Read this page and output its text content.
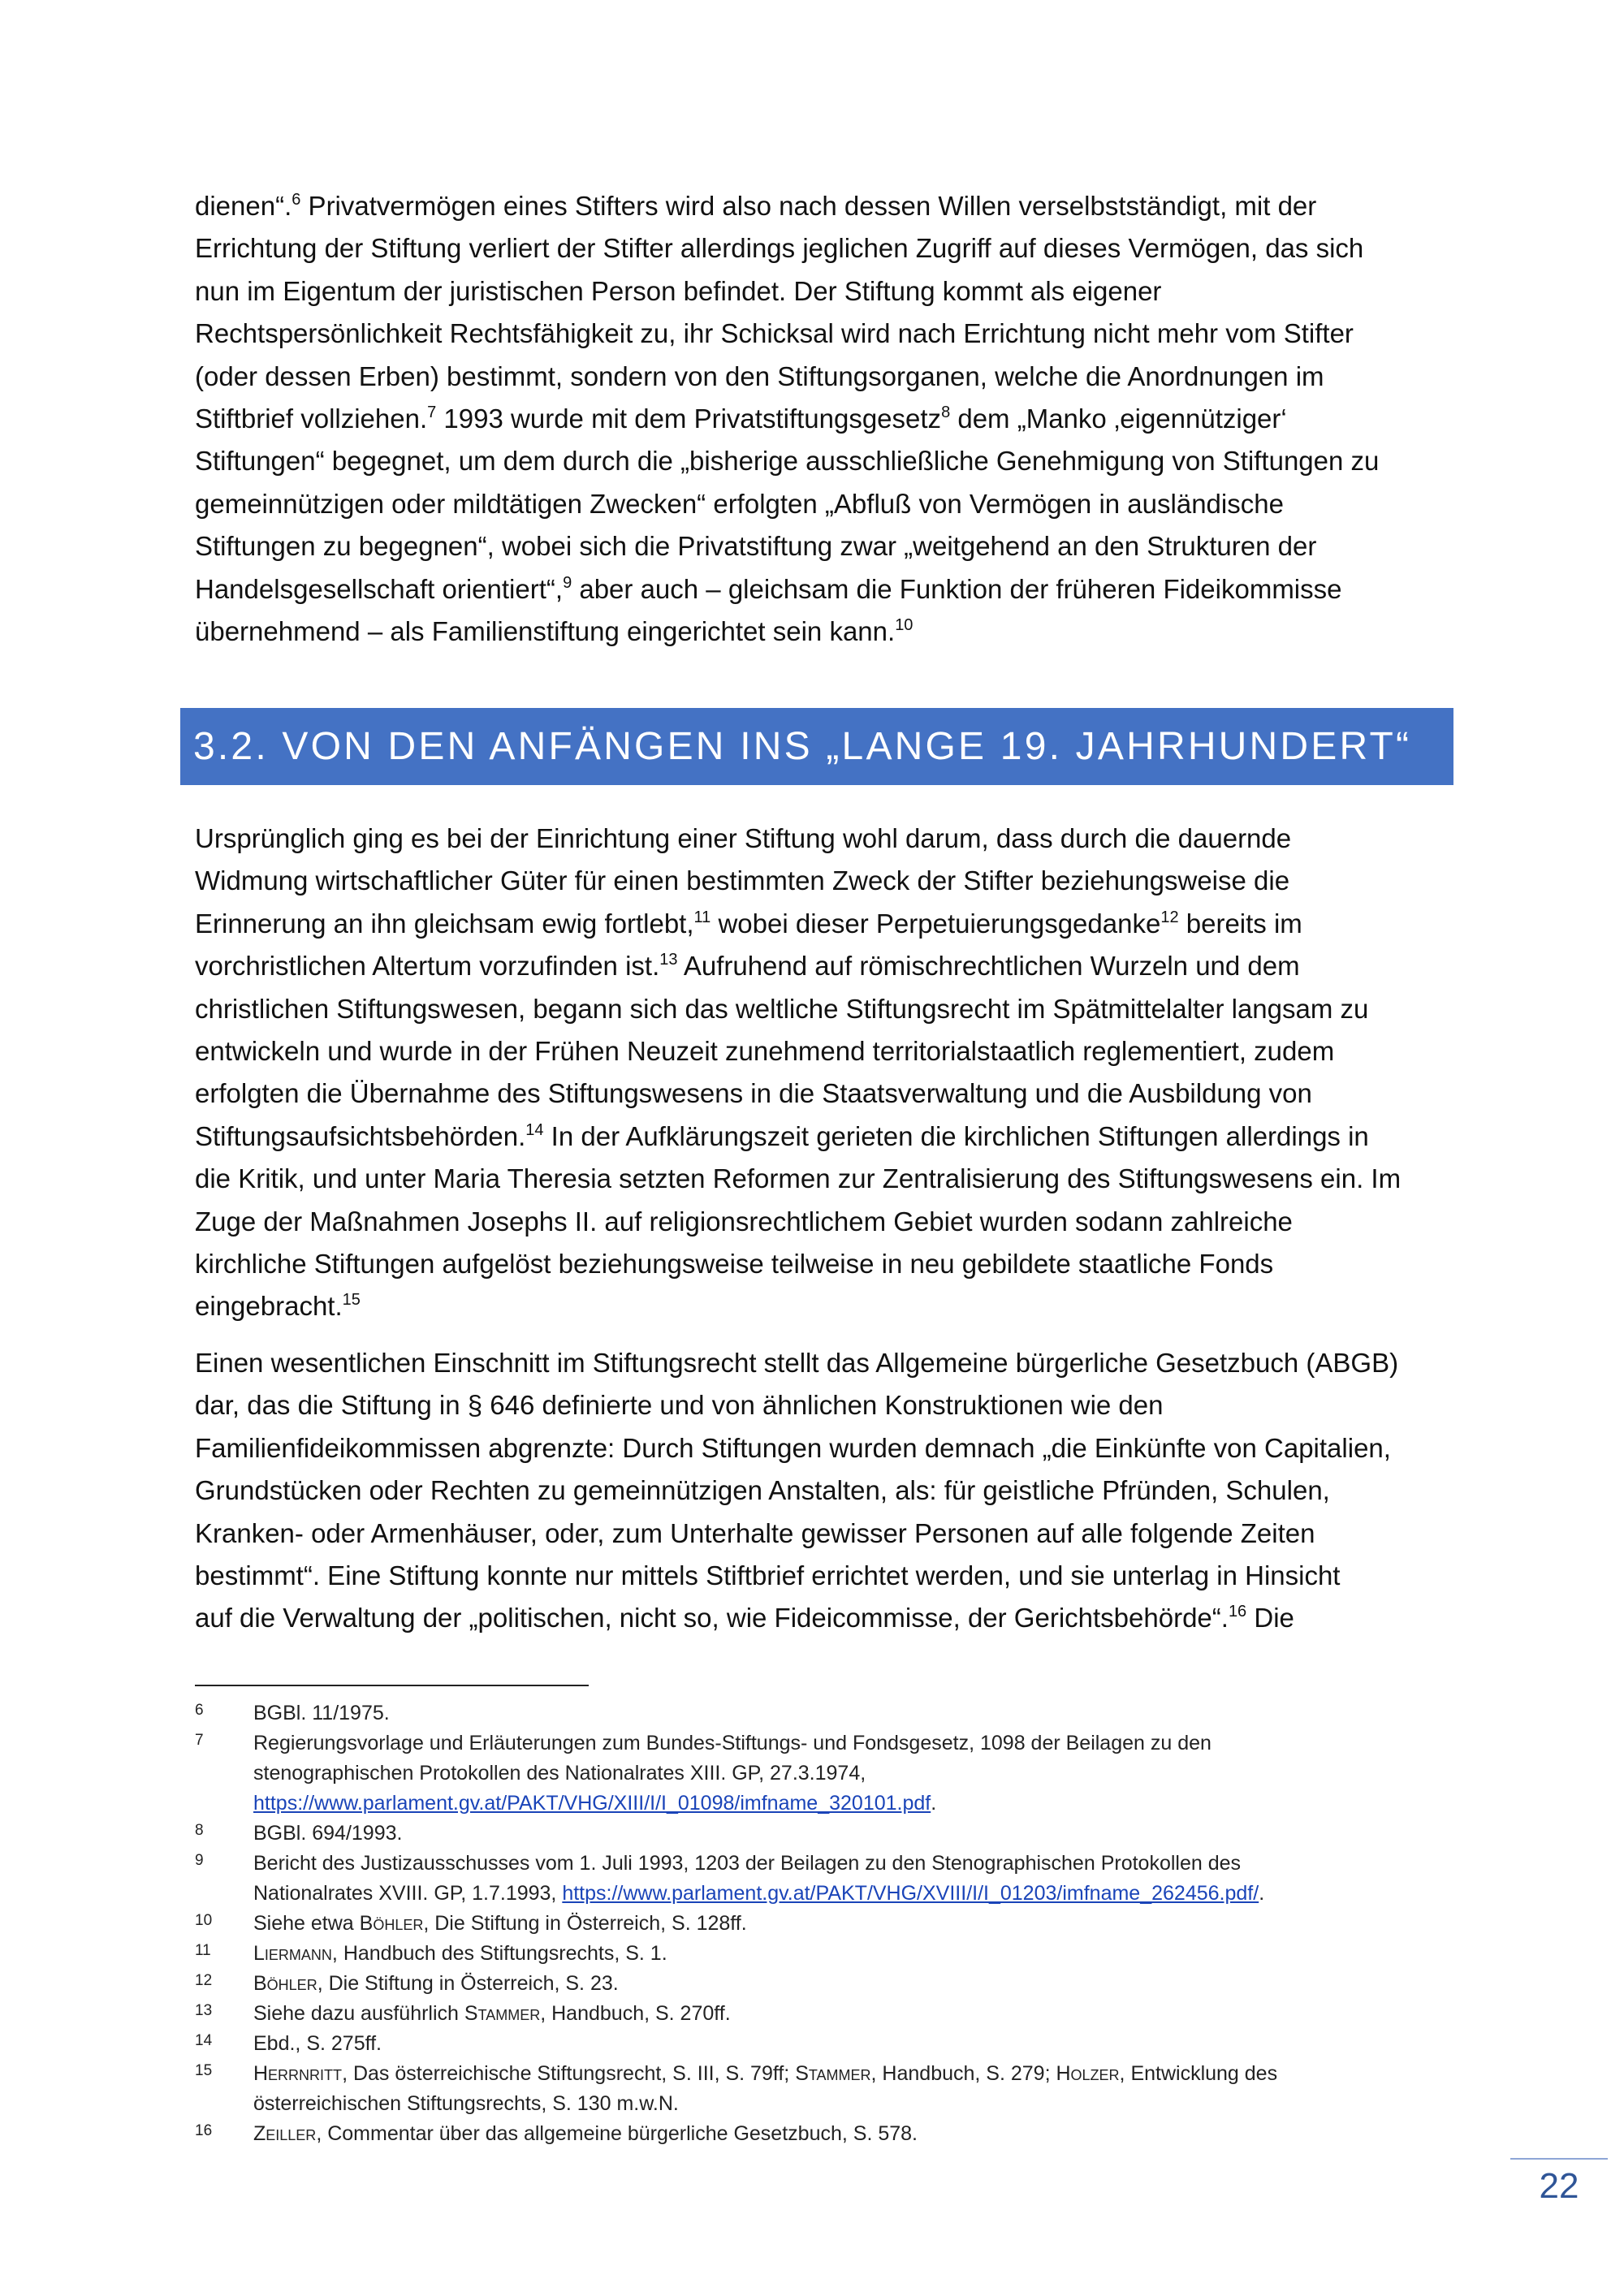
dienen“.$^6$ Privatvermögen eines Stifters wird also nach dessen Willen verselbstständigt, mit der
Errichtung der Stiftung verliert der Stifter allerdings jeglichen Zugriff auf dieses Vermögen, das sich
nun im Eigentum der juristischen Person befindet. Der Stiftung kommt als eigener
Rechtspersönlichkeit Rechtsfähigkeit zu, ihr Schicksal wird nach Errichtung nicht mehr vom Stifter
(oder dessen Erben) bestimmt, sondern von den Stiftungsorganen, welche die Anordnungen im
Stiftbrief vollziehen.$^7$ 1993 wurde mit dem Privatstiftungsgesetz$^8$ dem „Manko ‚eigennütziger‘
Stiftungen“ begegnet, um dem durch die „bisherige ausschließliche Genehmigung von Stiftungen zu
gemeinnützigen oder mildtätigen Zwecken“ erfolgten „Abfluß von Vermögen in ausländische
Stiftungen zu begegnen“, wobei sich die Privatstiftung zwar „weitgehend an den Strukturen der
Handelsgesellschaft orientiert“,$^9$ aber auch – gleichsam die Funktion der früheren Fideikommisse
übernehmend – als Familienstiftung eingerichtet sein kann.$^{10}$
3.2. VON DEN ANFÄNGEN INS „LANGE 19. JAHRHUNDERT“
Ursprünglich ging es bei der Einrichtung einer Stiftung wohl darum, dass durch die dauernde
Widmung wirtschaftlicher Güter für einen bestimmten Zweck der Stifter beziehungsweise die
Erinnerung an ihn gleichsam ewig fortlebt,$^{11}$ wobei dieser Perpetuierungsgedanke$^{12}$ bereits im
vorchristlichen Altertum vorzufinden ist.$^{13}$ Aufruhend auf römischrechtlichen Wurzeln und dem
christlichen Stiftungswesen, begann sich das weltliche Stiftungsrecht im Spätmittelalter langsam zu
entwickeln und wurde in der Frühen Neuzeit zunehmend territorialstaatlich reglementiert, zudem
erfolgten die Übernahme des Stiftungswesens in die Staatsverwaltung und die Ausbildung von
Stiftungsaufsichtsbehörden.$^{14}$ In der Aufklärungszeit gerieten die kirchlichen Stiftungen allerdings in
die Kritik, und unter Maria Theresia setzten Reformen zur Zentralisierung des Stiftungswesens ein. Im
Zuge der Maßnahmen Josephs II. auf religionsrechtlichem Gebiet wurden sodann zahlreiche
kirchliche Stiftungen aufgelöst beziehungsweise teilweise in neu gebildete staatliche Fonds
eingebracht.$^{15}$
Einen wesentlichen Einschnitt im Stiftungsrecht stellt das Allgemeine bürgerliche Gesetzbuch (ABGB)
dar, das die Stiftung in § 646 definierte und von ähnlichen Konstruktionen wie den
Familienfideikommissen abgrenzte: Durch Stiftungen wurden demnach „die Einkünfte von Capitalien,
Grundstücken oder Rechten zu gemeinnützigen Anstalten, als: für geistliche Pfründen, Schulen,
Kranken- oder Armenhäuser, oder, zum Unterhalte gewisser Personen auf alle folgende Zeiten
bestimmt“. Eine Stiftung konnte nur mittels Stiftbrief errichtet werden, und sie unterlag in Hinsicht
auf die Verwaltung der „politischen, nicht so, wie Fideicommisse, der Gerichtsbehörde“.$^{16}$ Die
6 BGBl. 11/1975.
7 Regierungsvorlage und Erläuterungen zum Bundes-Stiftungs- und Fondsgesetz, 1098 der Beilagen zu den
stenographischen Protokollen des Nationalrates XIII. GP, 27.3.1974,
https://www.parlament.gv.at/PAKT/VHG/XIII/I/I_01098/imfname_320101.pdf.
8 BGBl. 694/1993.
9 Bericht des Justizausschusses vom 1. Juli 1993, 1203 der Beilagen zu den Stenographischen Protokollen des
Nationalrates XVIII. GP, 1.7.1993, https://www.parlament.gv.at/PAKT/VHG/XVIII/I/I_01203/imfname_262456.pdf/.
10 Siehe etwa Böhler, Die Stiftung in Österreich, S. 128ff.
11 Liermann, Handbuch des Stiftungsrechts, S. 1.
12 Böhler, Die Stiftung in Österreich, S. 23.
13 Siehe dazu ausführlich Stammer, Handbuch, S. 270ff.
14 Ebd., S. 275ff.
15 Herrnritt, Das österreichische Stiftungsrecht, S. III, S. 79ff; Stammer, Handbuch, S. 279; Holzer, Entwicklung des
österreichischen Stiftungsrechts, S. 130 m.w.N.
16 Zeiller, Commentar über das allgemeine bürgerliche Gesetzbuch, S. 578.
22
